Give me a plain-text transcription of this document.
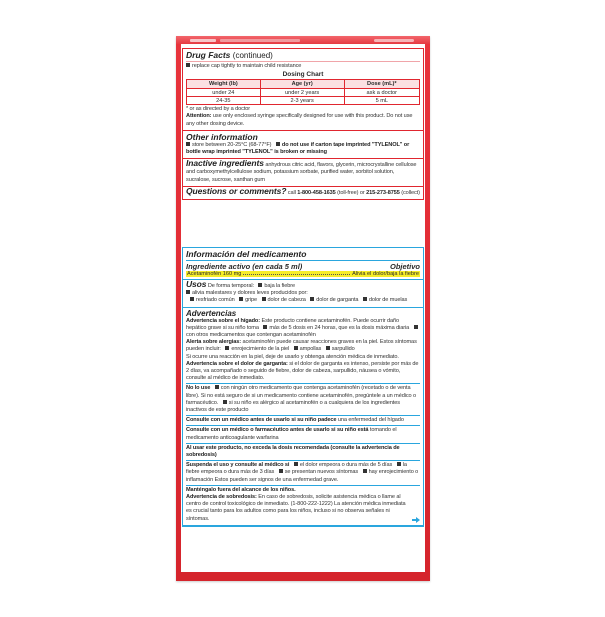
Drug Facts (continued)
replace cap tightly to maintain child resistance
Dosing Chart
Weight (lb)	Age (yr)	Dose (mL)*
under 24	under 2 years	ask a doctor
24-35	2-3 years	5 mL
* or as directed by a doctor
Attention: use only enclosed syringe specifically designed for use with this product. Do not use any other dosing device.
Other information
store between 20-25°C (68-77°F) do not use if carton tape imprinted "TYLENOL" or bottle wrap imprinted "TYLENOL" is broken or missing
Inactive ingredients anhydrous citric acid, flavors, glycerin, microcrystalline cellulose and carboxymethylcellulose sodium, potassium sorbate, purified water, sorbitol solution, sucralose, sucrose, xanthan gum
Questions or comments? call 1-800-458-1635 (toll-free) or 215-273-8755 (collect)
Información del medicamento
Ingrediente activo (en cada 5 ml)	Objetivo
Acetaminofén 160 mg	Alivia el dolor/baja la fiebre
Usos De forma temporal: baja la fiebre
alivia malestares y dolores leves producidos por:
resfriado común gripe dolor de cabeza dolor de garganta dolor de muelas
Advertencias
Advertencia sobre el hígado: Este producto contiene acetaminofén. Puede ocurrir daño hepático grave si su niño toma más de 5 dosis en 24 horas, que es la dosis máxima diaria con otros medicamentos que contengan acetaminofén
Alerta sobre alergias: acetaminofén puede causar reacciones graves en la piel. Estos síntomas pueden incluir: enrojecimiento de la piel ampollas sarpullido
Si ocurre una reacción en la piel, deje de usarlo y obtenga atención médica de inmediato.
Advertencia sobre el dolor de garganta: si el dolor de garganta es intenso, persiste por más de 2 días, va acompañado o seguido de fiebre, dolor de cabeza, sarpullido, náusea o vómito, consulte al médico de inmediato.
No lo use con ningún otro medicamento que contenga acetaminofén (recetado o de venta libre). Si no está seguro de si un medicamento contiene acetaminofén, pregúntele a un médico o farmacéutico. si su niño es alérgico al acetaminofén o a cualquiera de los ingredientes inactivos de este producto
Consulte con un médico antes de usarlo si su niño padece una enfermedad del hígado
Consulte con un médico o farmacéutico antes de usarlo si su niño está tomando el medicamento anticoagulante warfarina
Al usar este producto, no exceda la dosis recomendada (consulte la advertencia de sobredosis)
Suspenda el uso y consulte al médico si el dolor empeora o dura más de 5 días la fiebre empeora o dura más de 3 días se presentan nuevos síntomas hay enrojecimiento o inflamación Estos pueden ser signos de una enfermedad grave.
Manténgalo fuera del alcance de los niños.
Advertencia de sobredosis: En caso de sobredosis, solicite asistencia médica o llame al centro de control toxicológico de inmediato. (1-800-222-1222) La atención médica inmediata es crucial tanto para los adultos como para los niños, incluso si no observa señales ni síntomas.
